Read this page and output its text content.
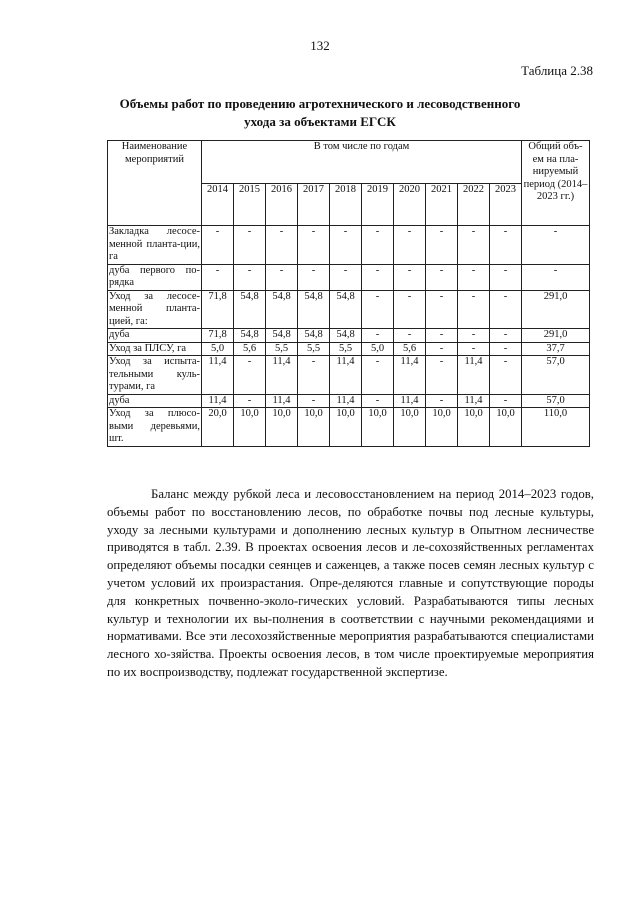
132
Таблица 2.38
Объемы работ по проведению агротехнического и лесоводственного ухода за объектами ЕГСК
Наименование мероприятий	В том числе по годам										Общий объ-ем на пла-нируемый период (2014–2023 гг.)
	2014	2015	2016	2017	2018	2019	2020	2021	2022	2023	
Закладка лесосе-менной планта-ции, га	-	-	-	-	-	-	-	-	-	-	-
дуба первого по-рядка	-	-	-	-	-	-	-	-	-	-	-
Уход за лесосе-менной планта-цией, га:	71,8	54,8	54,8	54,8	54,8	-	-	-	-	-	291,0
дуба	71,8	54,8	54,8	54,8	54,8	-	-	-	-	-	291,0
Уход за ПЛСУ, га	5,0	5,6	5,5	5,5	5,5	5,0	5,6	-	-	-	37,7
Уход за испыта-тельными куль-турами, га	11,4	-	11,4	-	11,4	-	11,4	-	11,4	-	57,0
дуба	11,4	-	11,4	-	11,4	-	11,4	-	11,4	-	57,0
Уход за плюсо-выми деревьями, шт.	20,0	10,0	10,0	10,0	10,0	10,0	10,0	10,0	10,0	10,0	110,0

Баланс между рубкой леса и лесовосстановлением на период 2014–2023 годов, объемы работ по восстановлению лесов, по обработке почвы под лесные культуры, уходу за лесными культурами и дополнению лесных культур в Опытном лесничестве приводятся в табл. 2.39. В проектах освоения лесов и ле-сохозяйственных регламентах определяют объемы посадки сеянцев и саженцев, а также посев семян лесных культур с учетом условий их произрастания. Опре-деляются главные и сопутствующие породы для конкретных почвенно-эколо-гических условий. Разрабатываются типы лесных культур и технологии их вы-полнения в соответствии с научными рекомендациями и нормативами. Все эти лесохозяйственные мероприятия разрабатываются специалистами лесного хо-зяйства. Проекты освоения лесов, в том числе проектируемые мероприятия по их воспроизводству, подлежат государственной экспертизе.
